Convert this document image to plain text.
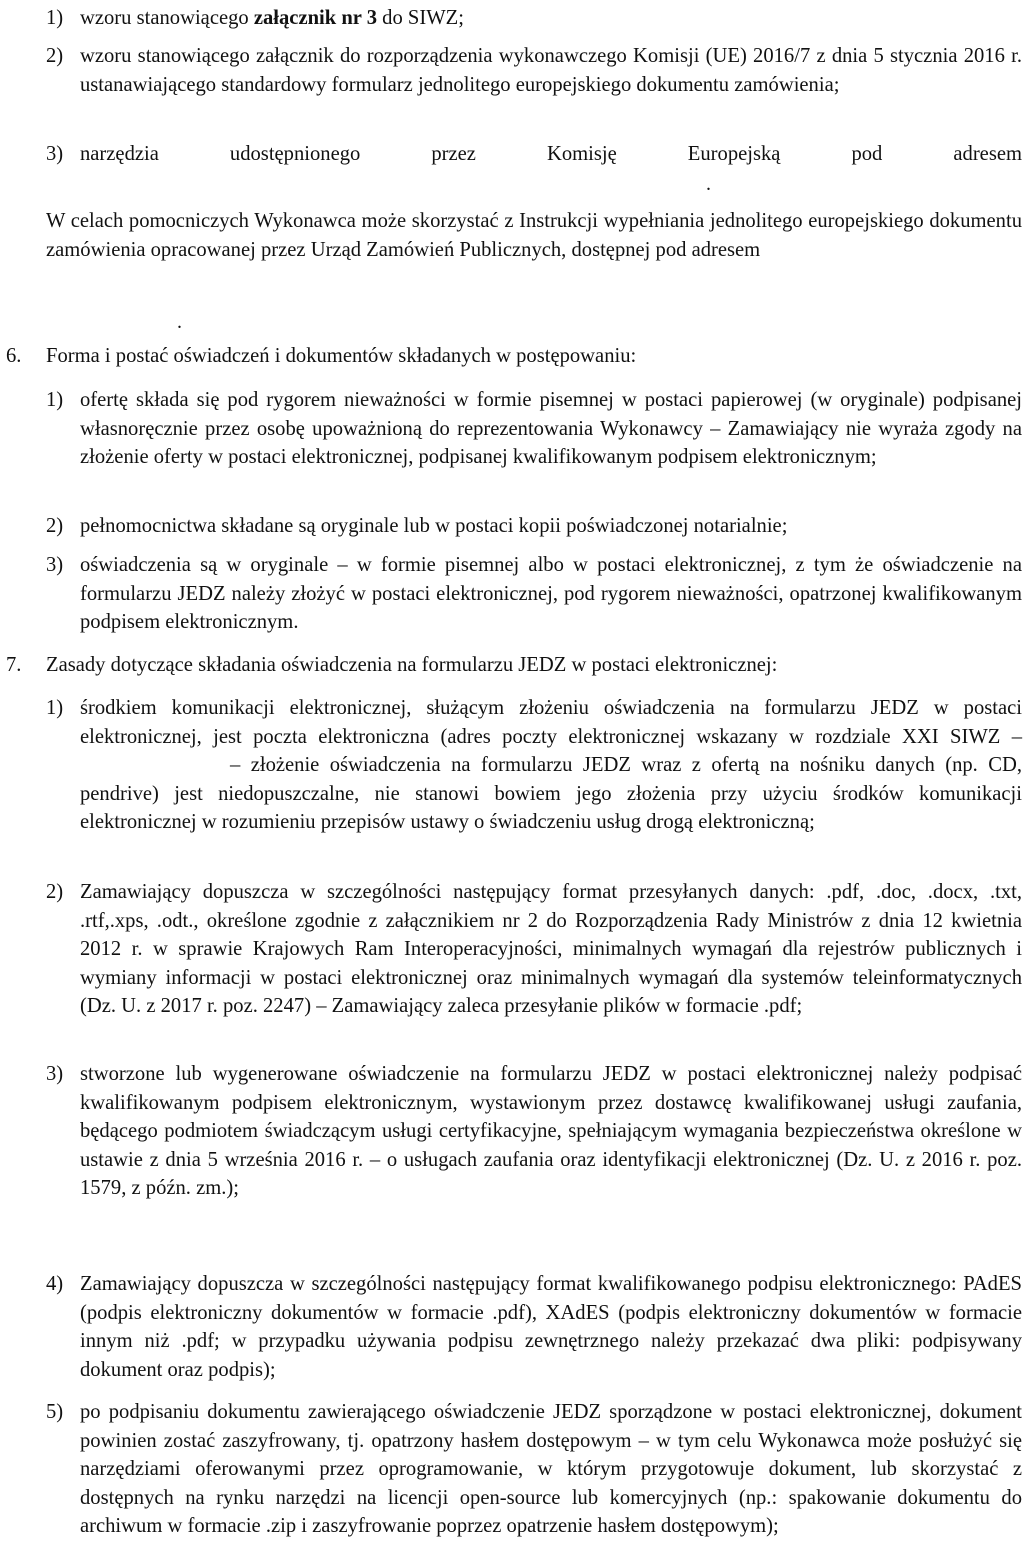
1) wzoru stanowiącego załącznik nr 3 do SIWZ;
2) wzoru stanowiącego załącznik do rozporządzenia wykonawczego Komisji (UE) 2016/7 z dnia 5 stycznia 2016 r. ustanawiającego standardowy formularz jednolitego europejskiego dokumentu zamówienia;
3) narzędzia udostępnionego przez Komisję Europejską pod adresem
.
W celach pomocniczych Wykonawca może skorzystać z Instrukcji wypełniania jednolitego europejskiego dokumentu zamówienia opracowanej przez Urząd Zamówień Publicznych, dostępnej pod adresem
.
6. Forma i postać oświadczeń i dokumentów składanych w postępowaniu:
1) ofertę składa się pod rygorem nieważności w formie pisemnej w postaci papierowej (w oryginale) podpisanej własnoręcznie przez osobę upoważnioną do reprezentowania Wykonawcy – Zamawiający nie wyraża zgody na złożenie oferty w postaci elektronicznej, podpisanej kwalifikowanym podpisem elektronicznym;
2) pełnomocnictwa składane są oryginale lub w postaci kopii poświadczonej notarialnie;
3) oświadczenia są w oryginale – w formie pisemnej albo w postaci elektronicznej, z tym że oświadczenie na formularzu JEDZ należy złożyć w postaci elektronicznej, pod rygorem nieważności, opatrzonej kwalifikowanym podpisem elektronicznym.
7. Zasady dotyczące składania oświadczenia na formularzu JEDZ w postaci elektronicznej:
1) środkiem komunikacji elektronicznej, służącym złożeniu oświadczenia na formularzu JEDZ w postaci elektronicznej, jest poczta elektroniczna (adres poczty elektronicznej wskazany w rozdziale XXI SIWZ –– złożenie oświadczenia na formularzu JEDZ wraz z ofertą na nośniku danych (np. CD, pendrive) jest niedopuszczalne, nie stanowi bowiem jego złożenia przy użyciu środków komunikacji elektronicznej w rozumieniu przepisów ustawy o świadczeniu usług drogą elektroniczną;
2) Zamawiający dopuszcza w szczególności następujący format przesyłanych danych: .pdf, .doc, .docx, .txt, .rtf,.xps, .odt., określone zgodnie z załącznikiem nr 2 do Rozporządzenia Rady Ministrów z dnia 12 kwietnia 2012 r. w sprawie Krajowych Ram Interoperacyjności, minimalnych wymagań dla rejestrów publicznych i wymiany informacji w postaci elektronicznej oraz minimalnych wymagań dla systemów teleinformatycznych (Dz. U. z 2017 r. poz. 2247) – Zamawiający zaleca przesyłanie plików w formacie .pdf;
3) stworzone lub wygenerowane oświadczenie na formularzu JEDZ w postaci elektronicznej należy podpisać kwalifikowanym podpisem elektronicznym, wystawionym przez dostawcę kwalifikowanej usługi zaufania, będącego podmiotem świadczącym usługi certyfikacyjne, spełniającym wymagania bezpieczeństwa określone w ustawie z dnia 5 września 2016 r. – o usługach zaufania oraz identyfikacji elektronicznej (Dz. U. z 2016 r. poz. 1579, z późn. zm.);
4) Zamawiający dopuszcza w szczególności następujący format kwalifikowanego podpisu elektronicznego: PAdES (podpis elektroniczny dokumentów w formacie .pdf), XAdES (podpis elektroniczny dokumentów w formacie innym niż .pdf; w przypadku używania podpisu zewnętrznego należy przekazać dwa pliki: podpisywany dokument oraz podpis);
5) po podpisaniu dokumentu zawierającego oświadczenie JEDZ sporządzone w postaci elektronicznej, dokument powinien zostać zaszyfrowany, tj. opatrzony hasłem dostępowym – w tym celu Wykonawca może posłużyć się narzędziami oferowanymi przez oprogramowanie, w którym przygotowuje dokument, lub skorzystać z dostępnych na rynku narzędzi na licencji open-source lub komercyjnych (np.: spakowanie dokumentu do archiwum w formacie .zip i zaszyfrowanie poprzez opatrzenie hasłem dostępowym);
